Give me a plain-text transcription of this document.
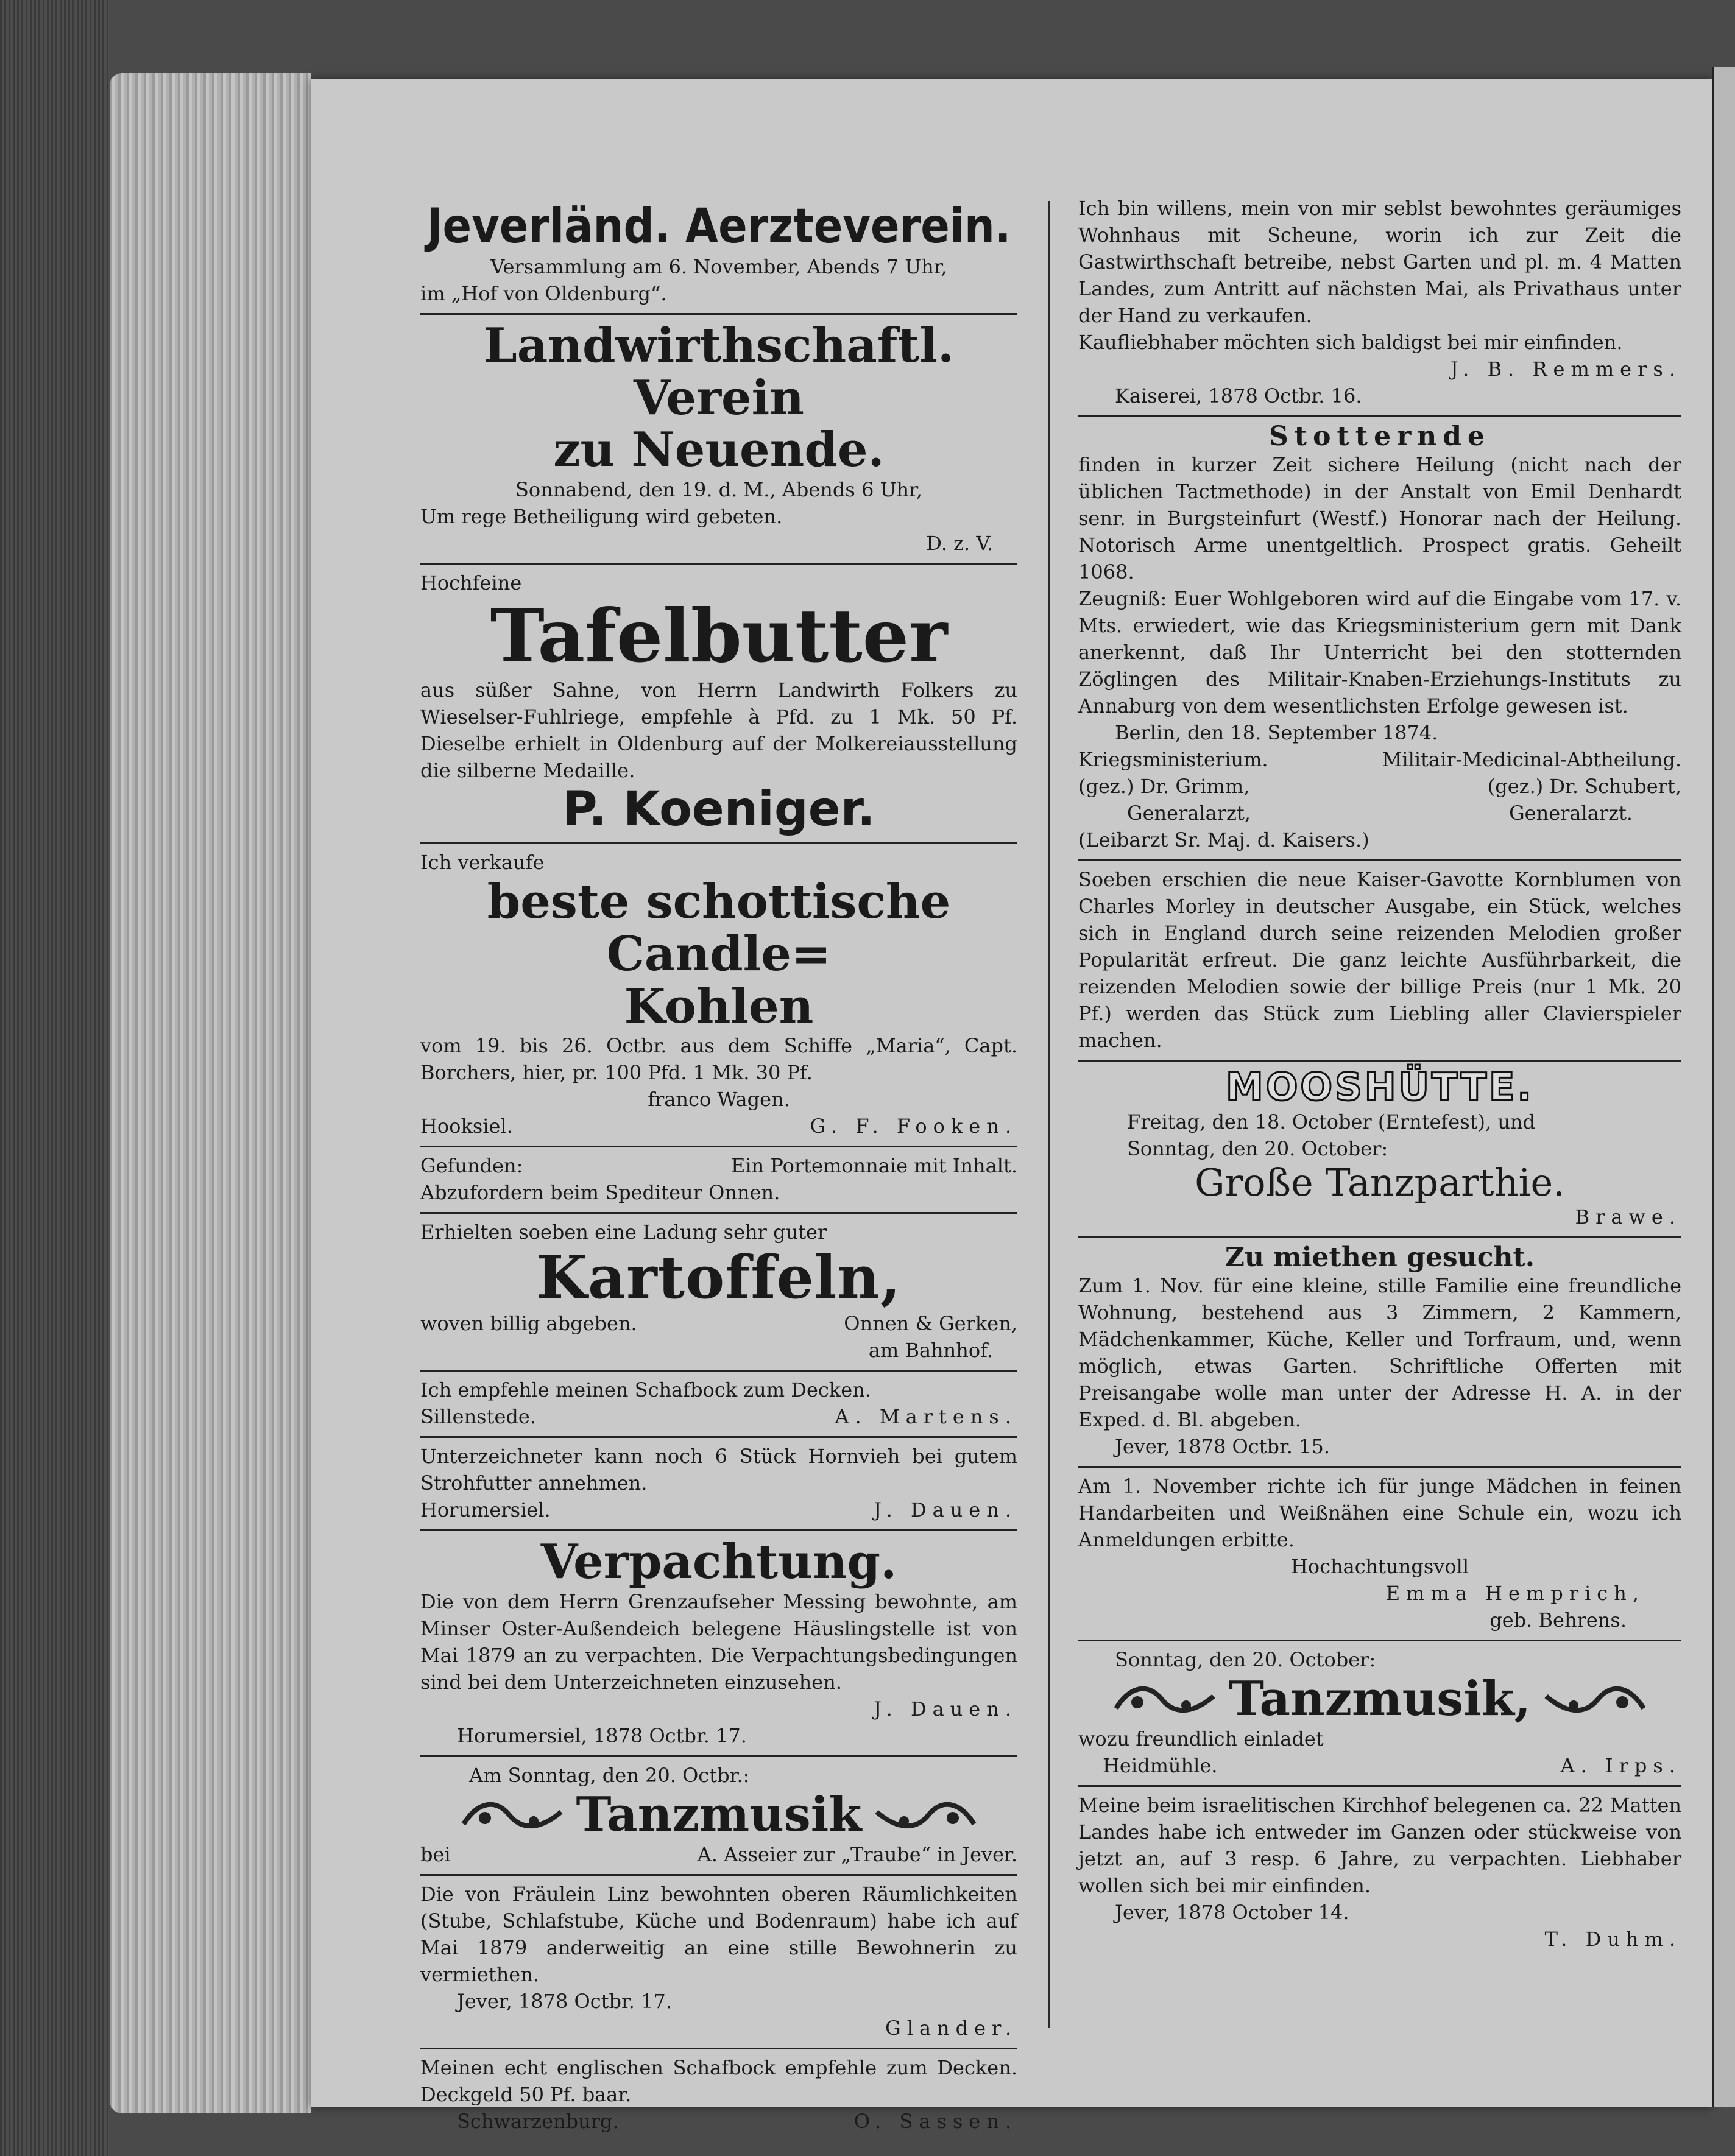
Jeverländ. Aerzteverein.

Versammlung am 6. November, Abends 7 Uhr,

im „Hof von Oldenburg“.

Landwirthschaftl. Verein
zu Neuende.

Sonnabend, den 19. d. M., Abends 6 Uhr,

Um rege Betheiligung wird gebeten.

D. z. V.

Hochfeine

Tafelbutter

aus süßer Sahne, von Herrn Landwirth Folkers zu Wieselser-Fuhlriege, empfehle à Pfd. zu 1 Mk. 50 Pf. Dieselbe erhielt in Oldenburg auf der Molkereiausstellung die silberne Medaille.

P. Koeniger.

Ich verkaufe

beste schottische Candle=
Kohlen

vom 19. bis 26. Octbr. aus dem Schiffe „Maria“, Capt. Borchers, hier, pr. 100 Pfd. 1 Mk. 30 Pf.

franco Wagen.

Hooksiel.	G. F. Fooken.
Gefunden:	Ein Portemonnaie mit Inhalt.

Abzufordern beim Spediteur Onnen.

Erhielten soeben eine Ladung sehr guter

Kartoffeln,
woven billig abgeben.	Onnen & Gerken,

am Bahnhof.

Ich empfehle meinen Schafbock zum Decken.

Sillenstede.	A. Martens.

Unterzeichneter kann noch 6 Stück Hornvieh bei gutem Strohfutter annehmen.

Horumersiel.	J. Dauen.
Verpachtung.

Die von dem Herrn Grenzaufseher Messing bewohnte, am Minser Oster-Außendeich belegene Häuslingstelle ist von Mai 1879 an zu verpachten. Die Verpachtungsbedingungen sind bei dem Unterzeichneten einzusehen.

J. Dauen.

Horumersiel, 1878 Octbr. 17.

Am Sonntag, den 20. Octbr.:

Tanzmusik
bei	A. Asseier zur „Traube“ in Jever.

Die von Fräulein Linz bewohnten oberen Räumlichkeiten (Stube, Schlafstube, Küche und Bodenraum) habe ich auf Mai 1879 anderweitig an eine stille Bewohnerin zu vermiethen.

Jever, 1878 Octbr. 17.

Glander.

Meinen echt englischen Schafbock empfehle zum Decken. Deckgeld 50 Pf. baar.

Schwarzenburg.	O. Sassen.

Ich bin willens, mein von mir seblst bewohntes geräumiges Wohnhaus mit Scheune, worin ich zur Zeit die Gastwirthschaft betreibe, nebst Garten und pl. m. 4 Matten Landes, zum Antritt auf nächsten Mai, als Privathaus unter der Hand zu verkaufen.

Kaufliebhaber möchten sich baldigst bei mir einfinden.

J. B. Remmers.

Kaiserei, 1878 Octbr. 16.

Stotternde

finden in kurzer Zeit sichere Heilung (nicht nach der üblichen Tactmethode) in der Anstalt von Emil Denhardt senr. in Burgsteinfurt (Westf.) Honorar nach der Heilung. Notorisch Arme unentgeltlich. Prospect gratis. Geheilt 1068.

Zeugniß: Euer Wohlgeboren wird auf die Eingabe vom 17. v. Mts. erwiedert, wie das Kriegsministerium gern mit Dank anerkennt, daß Ihr Unterricht bei den stotternden Zöglingen des Militair-Knaben-Erziehungs-Instituts zu Annaburg von dem wesentlichsten Erfolge gewesen ist.

Berlin, den 18. September 1874.

Kriegsministerium.	Militair-Medicinal-Abtheilung.
(gez.) Dr. Grimm,	(gez.) Dr. Schubert,
Generalarzt,	Generalarzt.

(Leibarzt Sr. Maj. d. Kaisers.)

Soeben erschien die neue Kaiser-Gavotte Kornblumen von Charles Morley in deutscher Ausgabe, ein Stück, welches sich in England durch seine reizenden Melodien großer Popularität erfreut. Die ganz leichte Ausführbarkeit, die reizenden Melodien sowie der billige Preis (nur 1 Mk. 20 Pf.) werden das Stück zum Liebling aller Clavierspieler machen.

MOOSHÜTTE.

Freitag, den 18. October (Erntefest), und

Sonntag, den 20. October:

Große Tanzparthie.

Brawe.

Zu miethen gesucht.

Zum 1. Nov. für eine kleine, stille Familie eine freundliche Wohnung, bestehend aus 3 Zimmern, 2 Kammern, Mädchenkammer, Küche, Keller und Torfraum, und, wenn möglich, etwas Garten. Schriftliche Offerten mit Preisangabe wolle man unter der Adresse H. A. in der Exped. d. Bl. abgeben.

Jever, 1878 Octbr. 15.

Am 1. November richte ich für junge Mädchen in feinen Handarbeiten und Weißnähen eine Schule ein, wozu ich Anmeldungen erbitte.

Hochachtungsvoll

Emma Hemprich,

geb. Behrens.

Sonntag, den 20. October:

Tanzmusik,

wozu freundlich einladet

Heidmühle.	A. Irps.

Meine beim israelitischen Kirchhof belegenen ca. 22 Matten Landes habe ich entweder im Ganzen oder stückweise von jetzt an, auf 3 resp. 6 Jahre, zu verpachten. Liebhaber wollen sich bei mir einfinden.

Jever, 1878 October 14.

T. Duhm.
